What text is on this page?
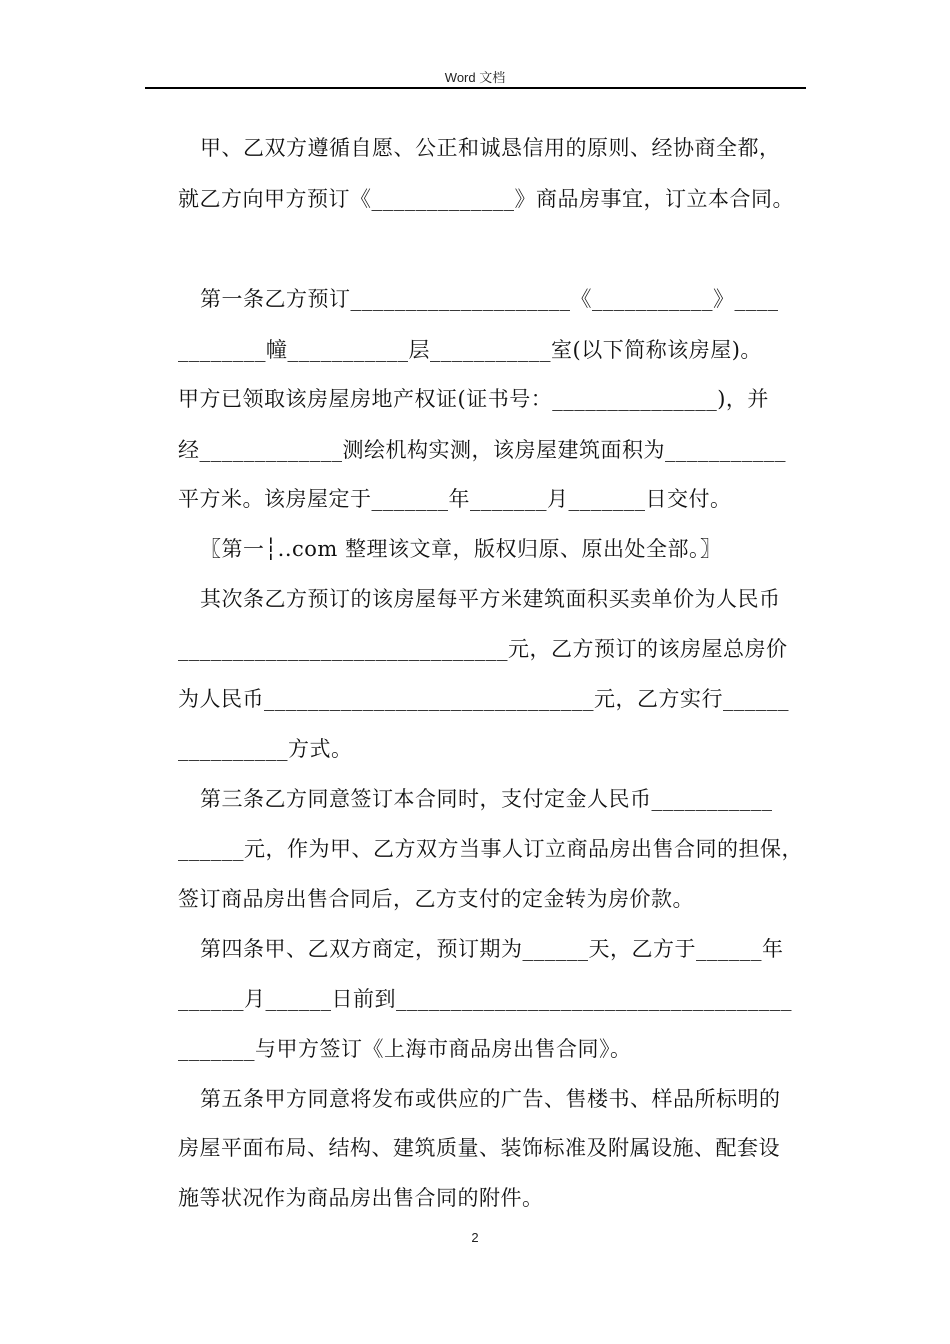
Word 文档
甲、乙双方遵循自愿、公正和诚恳信用的原则、经协商全都，
就乙方向甲方预订《_____________》商品房事宜，订立本合同。
第一条乙方预订____________________《___________》____
________幢___________层___________室(以下简称该房屋)。
甲方已领取该房屋房地产权证(证书号：_______________)，并
经_____________测绘机构实测，该房屋建筑面积为___________
平方米。该房屋定于_______年_______月_______日交付。
〖第一┆..com 整理该文章，版权归原、原出处全部。〗
其次条乙方预订的该房屋每平方米建筑面积买卖单价为人民币
______________________________元，乙方预订的该房屋总房价
为人民币______________________________元，乙方实行______
__________方式。
第三条乙方同意签订本合同时，支付定金人民币___________
______元，作为甲、乙方双方当事人订立商品房出售合同的担保，
签订商品房出售合同后，乙方支付的定金转为房价款。
第四条甲、乙双方商定，预订期为______天，乙方于______年
______月______日前到____________________________________
_______与甲方签订《上海市商品房出售合同》。
第五条甲方同意将发布或供应的广告、售楼书、样品所标明的
房屋平面布局、结构、建筑质量、装饰标准及附属设施、配套设
施等状况作为商品房出售合同的附件。
2
